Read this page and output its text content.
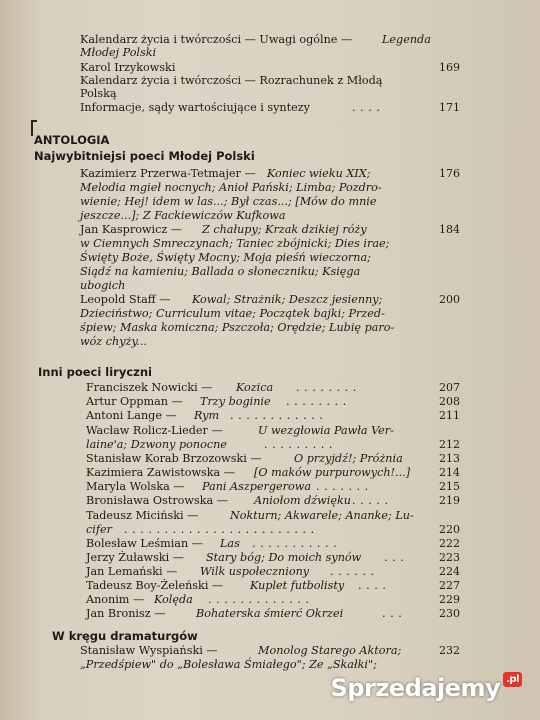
Kalendarz życia i twórczości — Uwagi ogólne —	Legenda
Młodej Polski
Karol Irzykowski	169
Kalendarz życia i twórczości — Rozrachunek z Młodą
Polską
Informacje, sądy wartościujące i syntezy	. . . .	171
ANTOLOGIA
Najwybitniejsi poeci Młodej Polski
Kazimierz Przerwa-Tetmajer — Koniec wieku XIX;	176
Melodia mgieł nocnych; Anioł Pański; Limba; Pozdro-
wienie; Hej! idem w las...; Był czas...; [Mów do mnie
jeszcze...]; Z Fackiewiczów Kufkowa
Jan Kasprowicz — Z chałupy; Krzak dzikiej róży	184
w Ciemnych Smreczynach; Taniec zbójnicki; Dies irae;
Święty Boże, Święty Mocny; Moja pieśń wieczorna;
Siądź na kamieniu; Ballada o słoneczniku; Księga
ubogich
Leopold Staff — Kowal; Strażnik; Deszcz jesienny;	200
Dzieciństwo; Curriculum vitae; Początek bajki; Przed-
śpiew; Maska komiczna; Pszczoła; Orędzie; Lubię paro-
wóz chyży...
Inni poeci liryczni
Franciszek Nowicki — Kozica . . . . . . . .	207
Artur Oppman — Trzy boginie . . . . . . . .	208
Antoni Lange — Rym . . . . . . . . . . . .	211
Wacław Rolicz-Lieder —	U wezgłowia Pawła Ver-
laine'a; Dzwony ponocne	. . . . . . . . .	212
Stanisław Korab Brzozowski —	O przyjdź!; Próżnia	213
Kazimiera Zawistowska — [O maków purpurowych!...]	214
Maryla Wolska — Pani Aszpergerowa . . . . . . .	215
Bronisława Ostrowska — Aniołom dźwięku . . . . .	219
Tadeusz Miciński —	Nokturn; Akwarele; Ananke; Lu-
cifer . . . . . . . . . . . . . . . . . . . . . . . .	220
Bolesław Leśmian — Las . . . . . . . . . . .	222
Jerzy Żuławski — Stary bóg; Do moich synów . . .	223
Jan Lemański — Wilk uspołeczniony . . . . . .	224
Tadeusz Boy-Żeleński — Kuplet futbolisty . . . .	227
Anonim — Kolęda . . . . . . . . . . . . .	229
Jan Bronisz —	Bohaterska śmierć Okrzei	. . .	230
W kręgu dramaturgów
Stanisław Wyspiański —	Monolog Starego Aktora;	232
„Przedśpiew" do „Bolesława Śmiałego"; Ze „Skałki";
Sprzedajemy .pl
